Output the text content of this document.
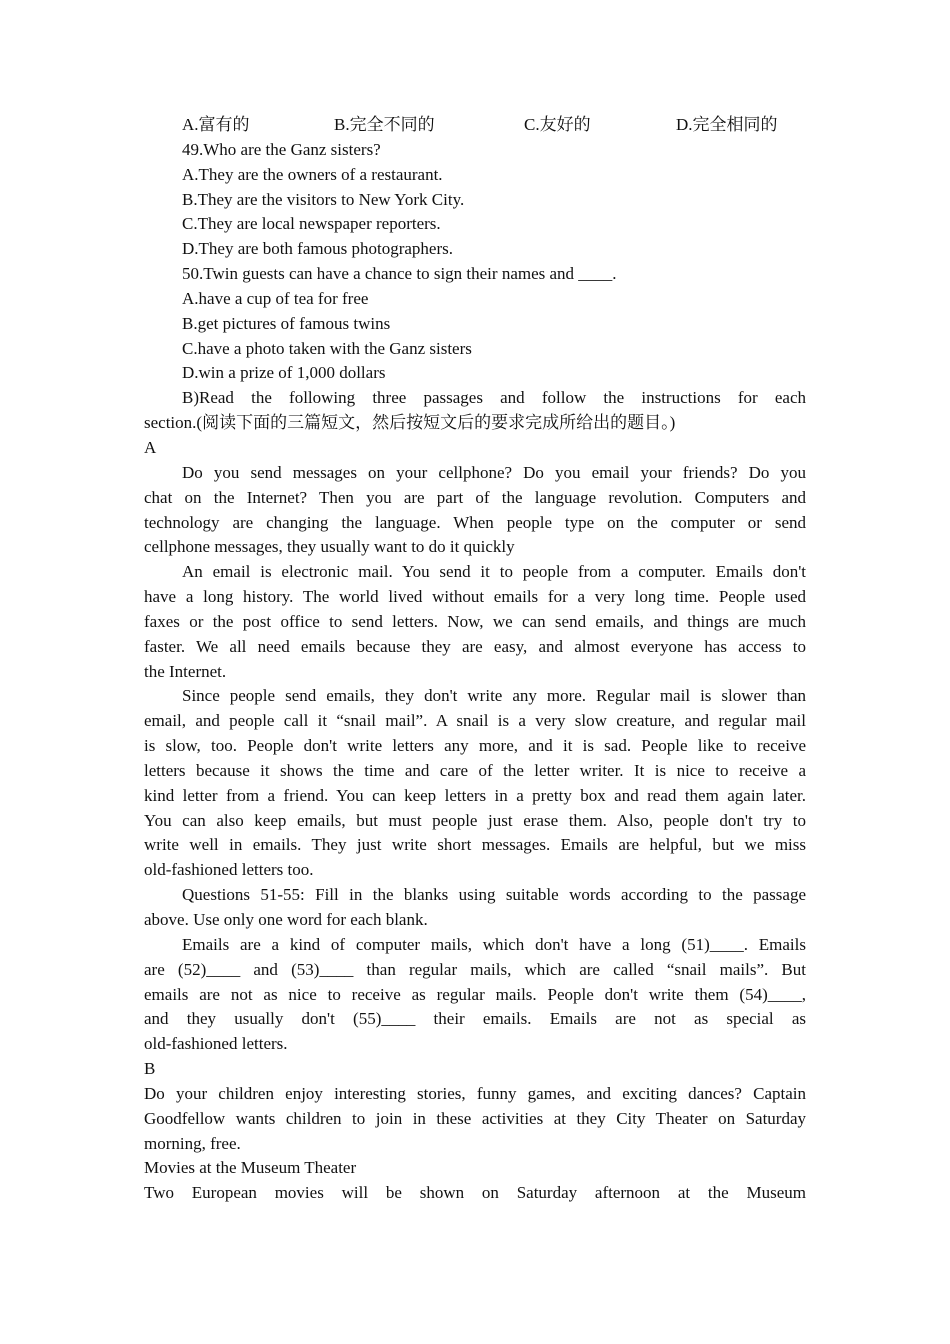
A.富有的	B.完全不同的	C.友好的	D.完全相同的
49.Who are the Ganz sisters?
A.They are the owners of a restaurant.
B.They are the visitors to New York City.
C.They are local newspaper reporters.
D.They are both famous photographers.
50.Twin guests can have a chance to sign their names and ____.
A.have a cup of tea for free
B.get pictures of famous twins
C.have a photo taken with the Ganz sisters
D.win a prize of 1,000 dollars
B)Read the following three passages and follow the instructions for each
section.(阅读下面的三篇短文，然后按短文后的要求完成所给出的题目。)
A
Do you send messages on your cellphone? Do you email your friends? Do you
chat on the Internet? Then you are part of the language revolution. Computers and
technology are changing the language. When people type on the computer or send
cellphone messages, they usually want to do it quickly
An email is electronic mail. You send it to people from a computer. Emails don't
have a long history. The world lived without emails for a very long time. People used
faxes or the post office to send letters. Now, we can send emails, and things are much
faster. We all need emails because they are easy, and almost everyone has access to
the Internet.
Since people send emails, they don't write any more. Regular mail is slower than
email, and people call it “snail mail”. A snail is a very slow creature, and regular mail
is slow, too. People don't write letters any more, and it is sad. People like to receive
letters because it shows the time and care of the letter writer. It is nice to receive a
kind letter from a friend. You can keep letters in a pretty box and read them again later.
You can also keep emails, but must people just erase them. Also, people don't try to
write well in emails. They just write short messages. Emails are helpful, but we miss
old-fashioned letters too.
Questions 51-55: Fill in the blanks using suitable words according to the passage
above. Use only one word for each blank.
Emails are a kind of computer mails, which don't have a long (51)____. Emails
are (52)____ and (53)____ than regular mails, which are called “snail mails”. But
emails are not as nice to receive as regular mails. People don't write them (54)____,
and they usually don't (55)____ their emails. Emails are not as special as
old-fashioned letters.
B
Do your children enjoy interesting stories, funny games, and exciting dances? Captain
Goodfellow wants children to join in these activities at they City Theater on Saturday
morning, free.
Movies at the Museum Theater
Two European movies will be shown on Saturday afternoon at the Museum
